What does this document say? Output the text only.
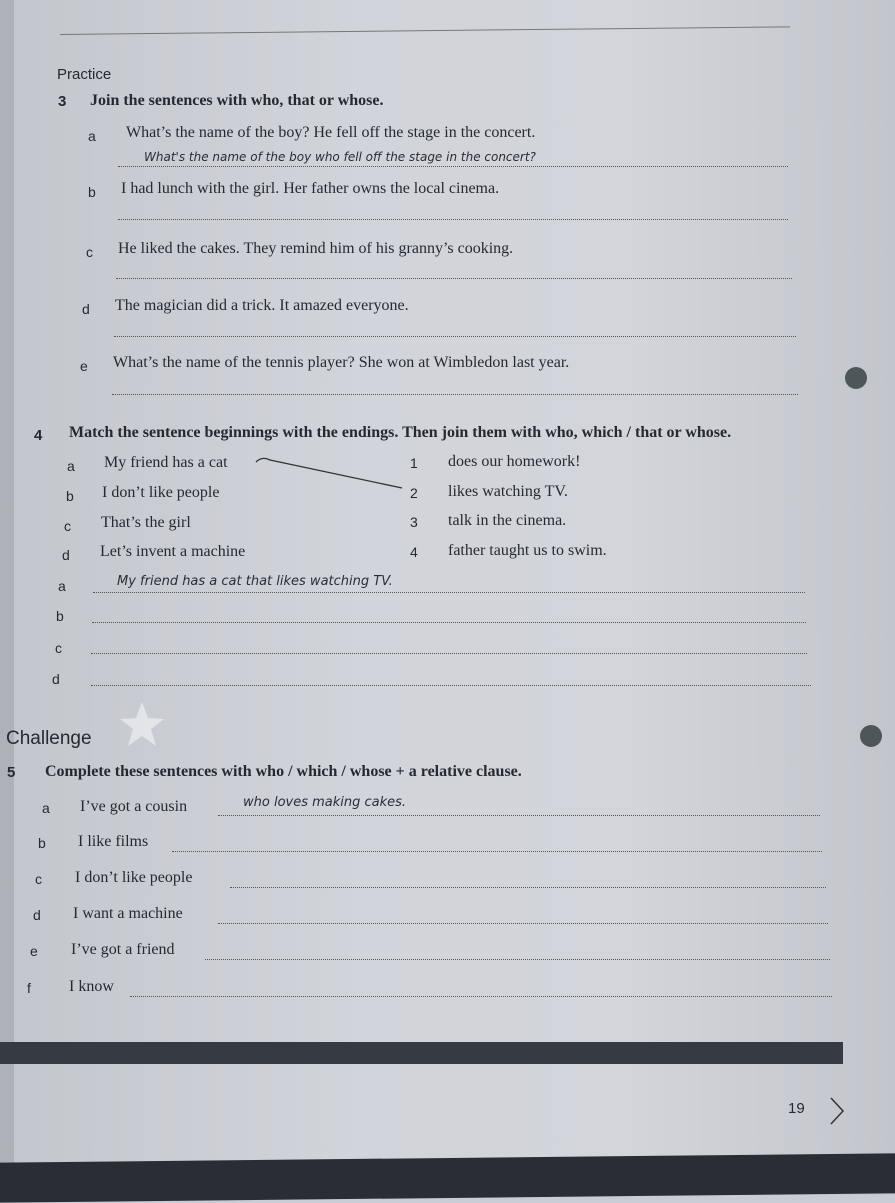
Practice
3 Join the sentences with who, that or whose.
a What’s the name of the boy? He fell off the stage in the concert.
What's the name of the boy who fell off the stage in the concert?
b I had lunch with the girl. Her father owns the local cinema.
c He liked the cakes. They remind him of his granny’s cooking.
d The magician did a trick. It amazed everyone.
e What’s the name of the tennis player? She won at Wimbledon last year.
4 Match the sentence beginnings with the endings. Then join them with who, which / that or whose.
a My friend has a cat
b I don’t like people
c That’s the girl
d Let’s invent a machine
1 does our homework!
2 likes watching TV.
3 talk in the cinema.
4 father taught us to swim.
a	My friend has a cat that likes watching TV.
b
c
d
Challenge
5 Complete these sentences with who / which / whose + a relative clause.
a I’ve got a cousin	who loves making cakes.
b I like films
c I don’t like people
d I want a machine
e I’ve got a friend
f I know
19
